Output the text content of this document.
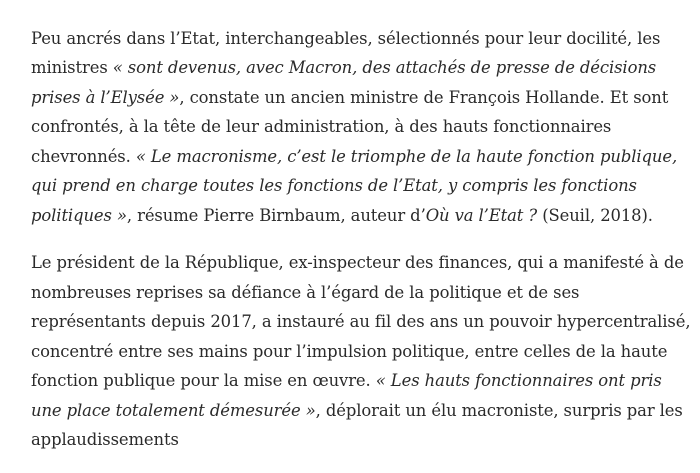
Peu ancrés dans l’Etat, interchangeables, sélectionnés pour leur docilité, les ministres « sont devenus, avec Macron, des attachés de presse de décisions prises à l’Elysée », constate un ancien ministre de François Hollande. Et sont confrontés, à la tête de leur administration, à des hauts fonctionnaires chevronnés. « Le macronisme, c’est le triomphe de la haute fonction publique, qui prend en charge toutes les fonctions de l’Etat, y compris les fonctions politiques », résume Pierre Birnbaum, auteur d’Où va l’Etat ? (Seuil, 2018).

Le président de la République, ex-inspecteur des finances, qui a manifesté à de nombreuses reprises sa défiance à l’égard de la politique et de ses représentants depuis 2017, a instauré au fil des ans un pouvoir hypercentralisé, concentré entre ses mains pour l’impulsion politique, entre celles de la haute fonction publique pour la mise en œuvre. « Les hauts fonctionnaires ont pris une place totalement démesurée », déplorait un élu macroniste, surpris par les applaudissements
